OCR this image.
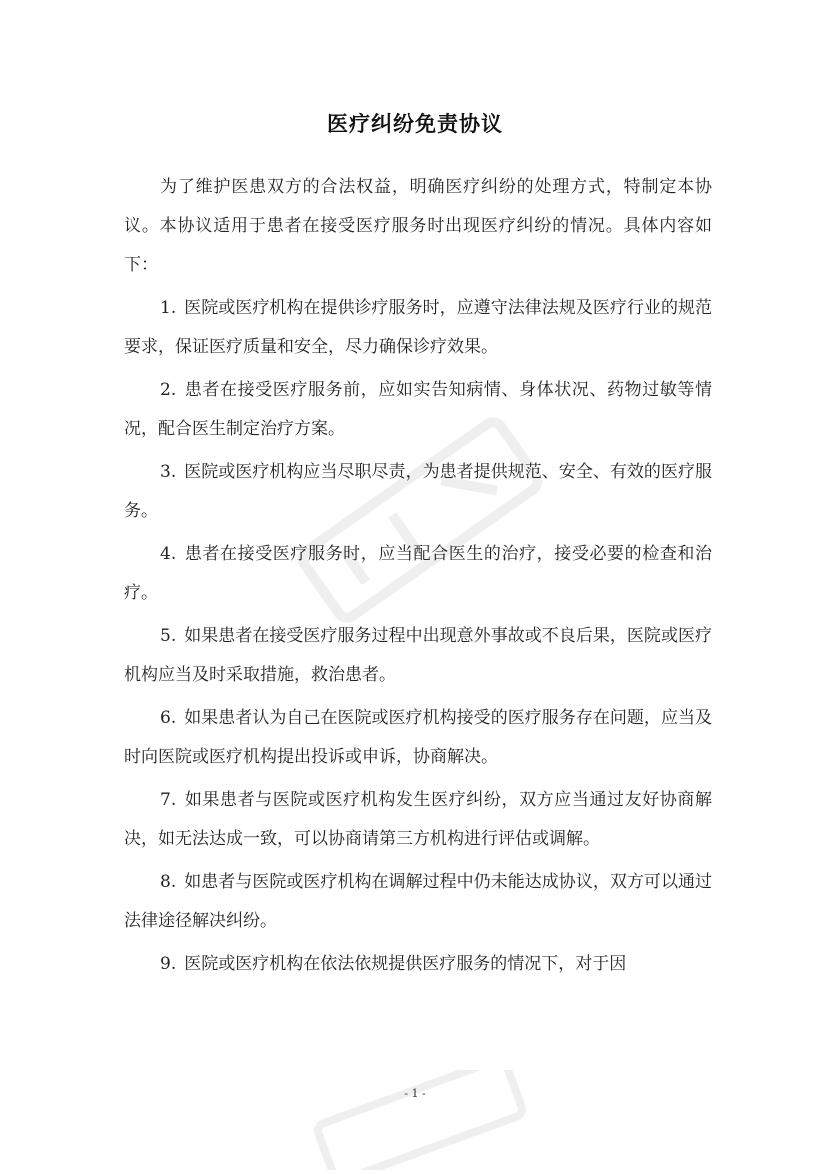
医疗纠纷免责协议

为了维护医患双方的合法权益，明确医疗纠纷的处理方式，特制定本协议。本协议适用于患者在接受医疗服务时出现医疗纠纷的情况。具体内容如下：

1. 医院或医疗机构在提供诊疗服务时，应遵守法律法规及医疗行业的规范要求，保证医疗质量和安全，尽力确保诊疗效果。

2. 患者在接受医疗服务前，应如实告知病情、身体状况、药物过敏等情况，配合医生制定治疗方案。

3. 医院或医疗机构应当尽职尽责，为患者提供规范、安全、有效的医疗服务。

4. 患者在接受医疗服务时，应当配合医生的治疗，接受必要的检查和治疗。

5. 如果患者在接受医疗服务过程中出现意外事故或不良后果，医院或医疗机构应当及时采取措施，救治患者。

6. 如果患者认为自己在医院或医疗机构接受的医疗服务存在问题，应当及时向医院或医疗机构提出投诉或申诉，协商解决。

7. 如果患者与医院或医疗机构发生医疗纠纷，双方应当通过友好协商解决，如无法达成一致，可以协商请第三方机构进行评估或调解。

8. 如患者与医院或医疗机构在调解过程中仍未能达成协议，双方可以通过法律途径解决纠纷。

9. 医院或医疗机构在依法依规提供医疗服务的情况下，对于因

- 1 -
